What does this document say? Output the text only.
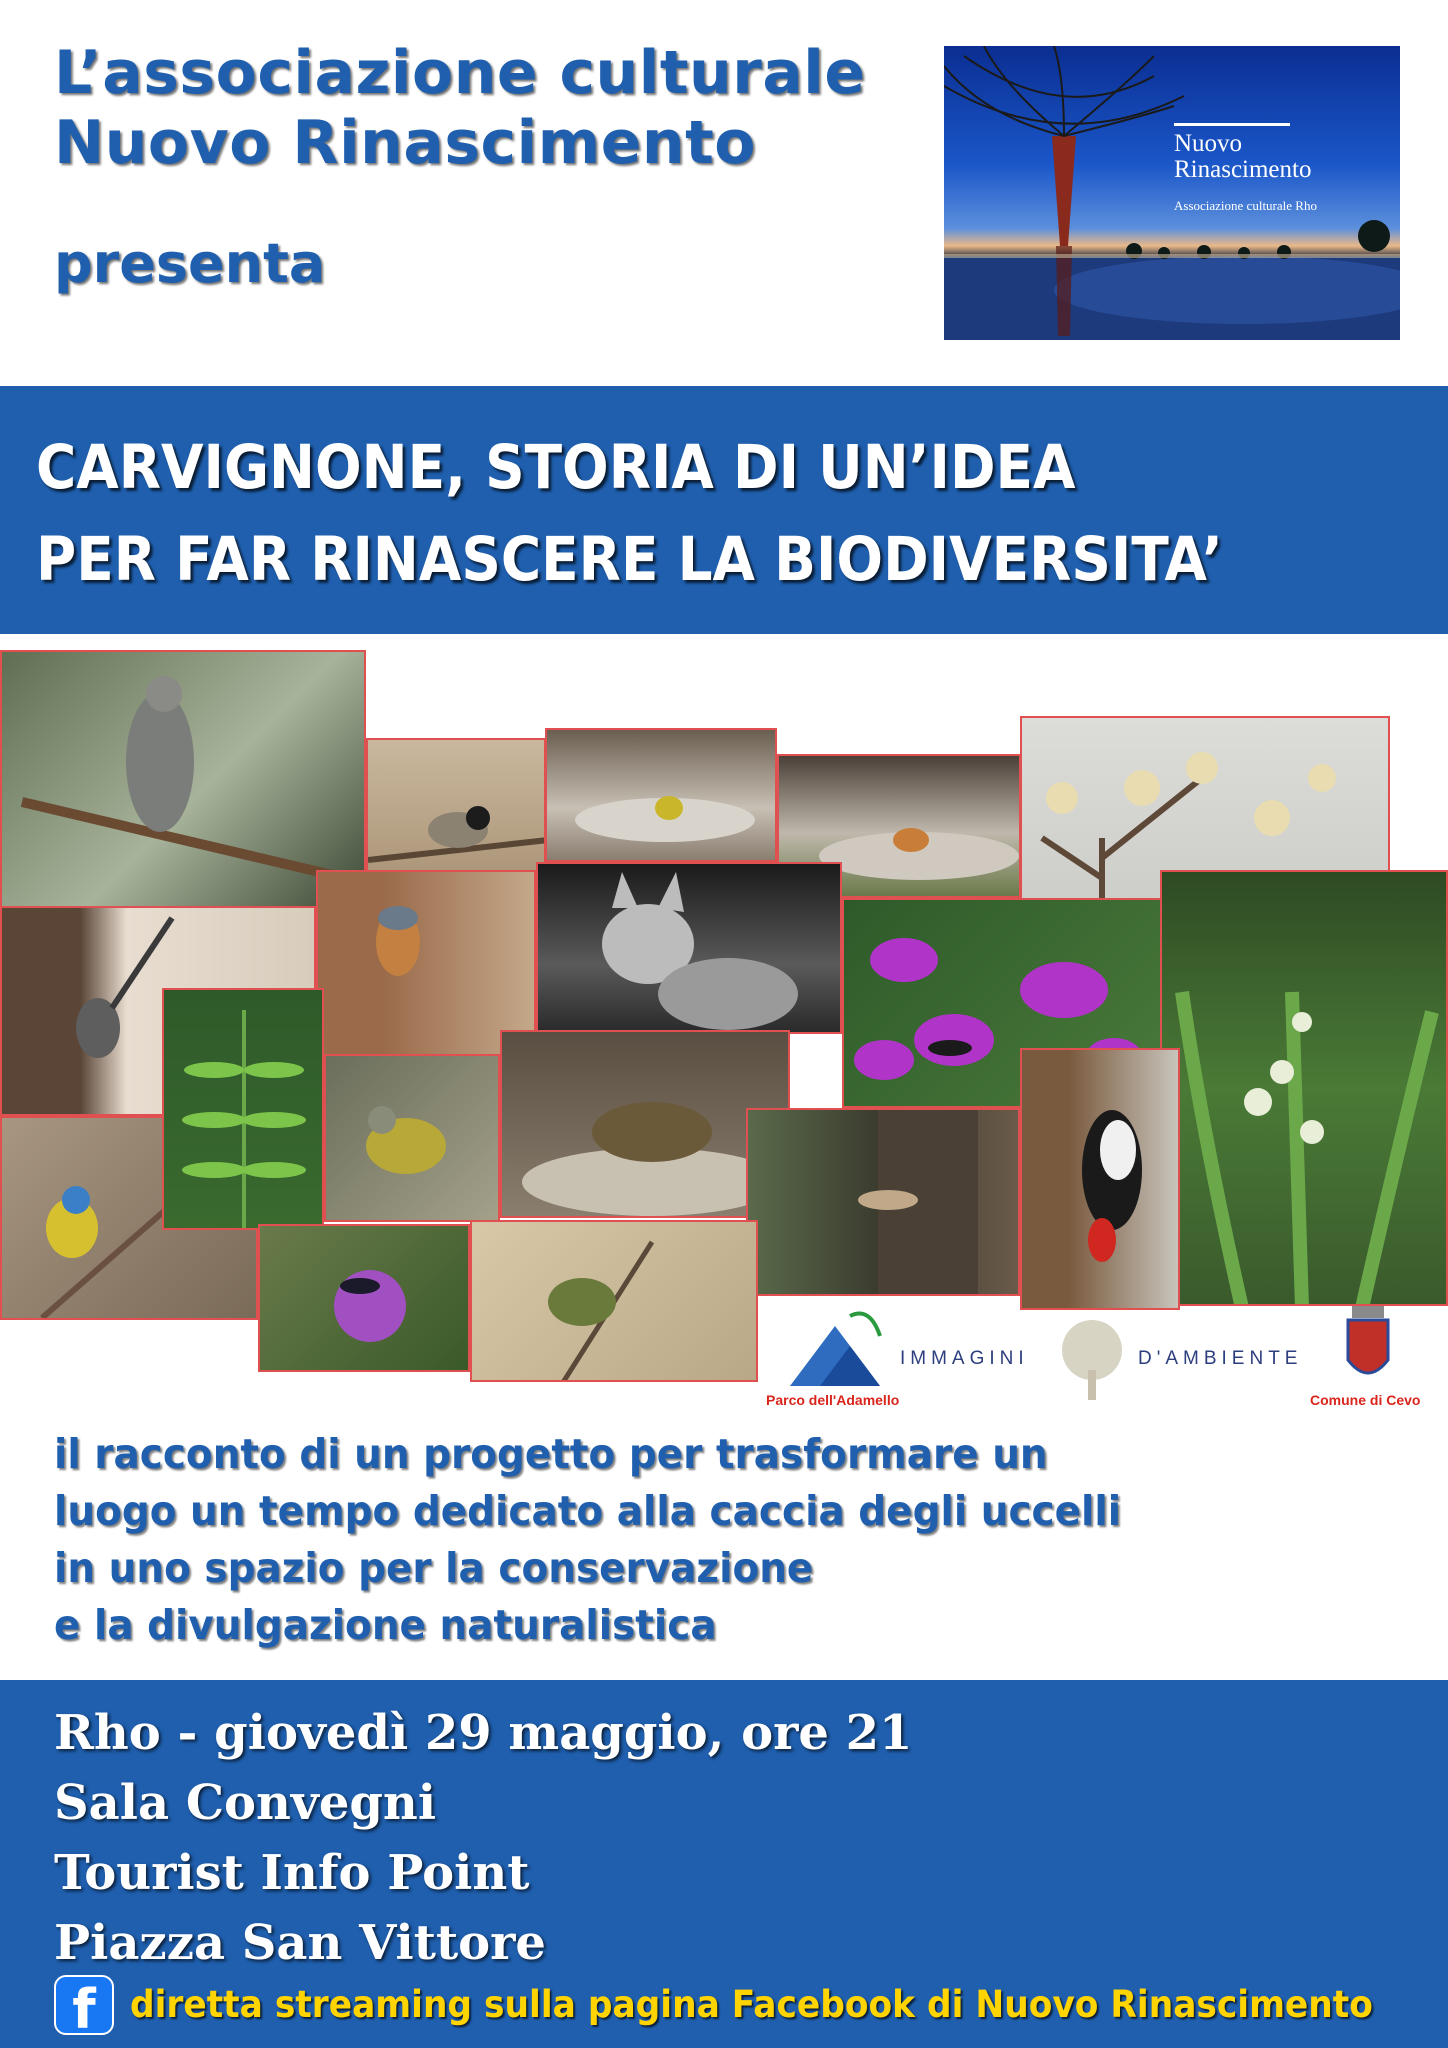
L’associazione culturale
Nuovo Rinascimento
presenta
Nuovo
Rinascimento
Associazione culturale Rho
CARVIGNONE, STORIA DI UN’IDEA
PER FAR RINASCERE LA BIODIVERSITA’
Parco dell'Adamello
IMMAGINI	D'AMBIENTE
Comune di Cevo
il racconto di un progetto per trasformare un
luogo un tempo dedicato alla caccia degli uccelli
in uno spazio per la conservazione
e la divulgazione naturalistica
Rho - giovedì 29 maggio, ore 21
Sala Convegni
Tourist Info Point
Piazza San Vittore
f diretta streaming sulla pagina Facebook di Nuovo Rinascimento
